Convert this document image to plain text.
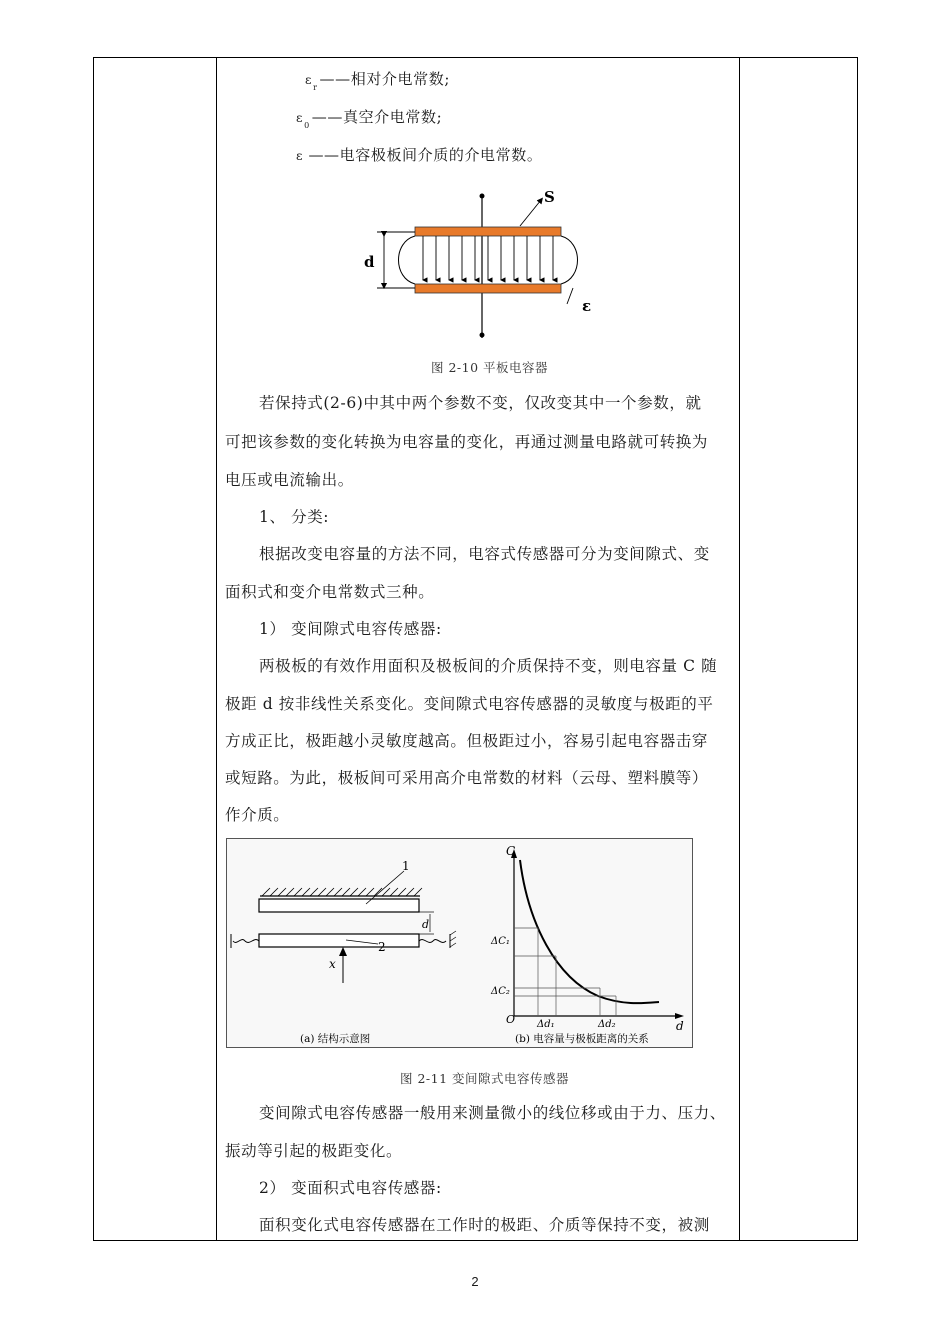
$\varepsilon_r$ ——相对介电常数;
$\varepsilon_0$ ——真空介电常数;
ε ——电容极板间介质的介电常数。
S
d
ε
图 2-10 平板电容器
若保持式(2-6)中其中两个参数不变，仅改变其中一个参数，就
可把该参数的变化转换为电容量的变化，再通过测量电路就可转换为
电压或电流输出。
1、 分类:
根据改变电容量的方法不同，电容式传感器可分为变间隙式、变
面积式和变介电常数式三种。
1） 变间隙式电容传感器:
两极板的有效作用面积及极板间的介质保持不变，则电容量 C 随
极距 d 按非线性关系变化。变间隙式电容传感器的灵敏度与极距的平
方成正比，极距越小灵敏度越高。但极距过小，容易引起电容器击穿
或短路。为此，极板间可采用高介电常数的材料（云母、塑料膜等）
作介质。
1
d
x
2
(a) 结构示意图
C
O	d
ΔC₁
ΔC₂
Δd₁	Δd₂
(b) 电容量与极板距离的关系
图 2-11 变间隙式电容传感器
变间隙式电容传感器一般用来测量微小的线位移或由于力、压力、
振动等引起的极距变化。
2） 变面积式电容传感器:
面积变化式电容传感器在工作时的极距、介质等保持不变，被测
2
